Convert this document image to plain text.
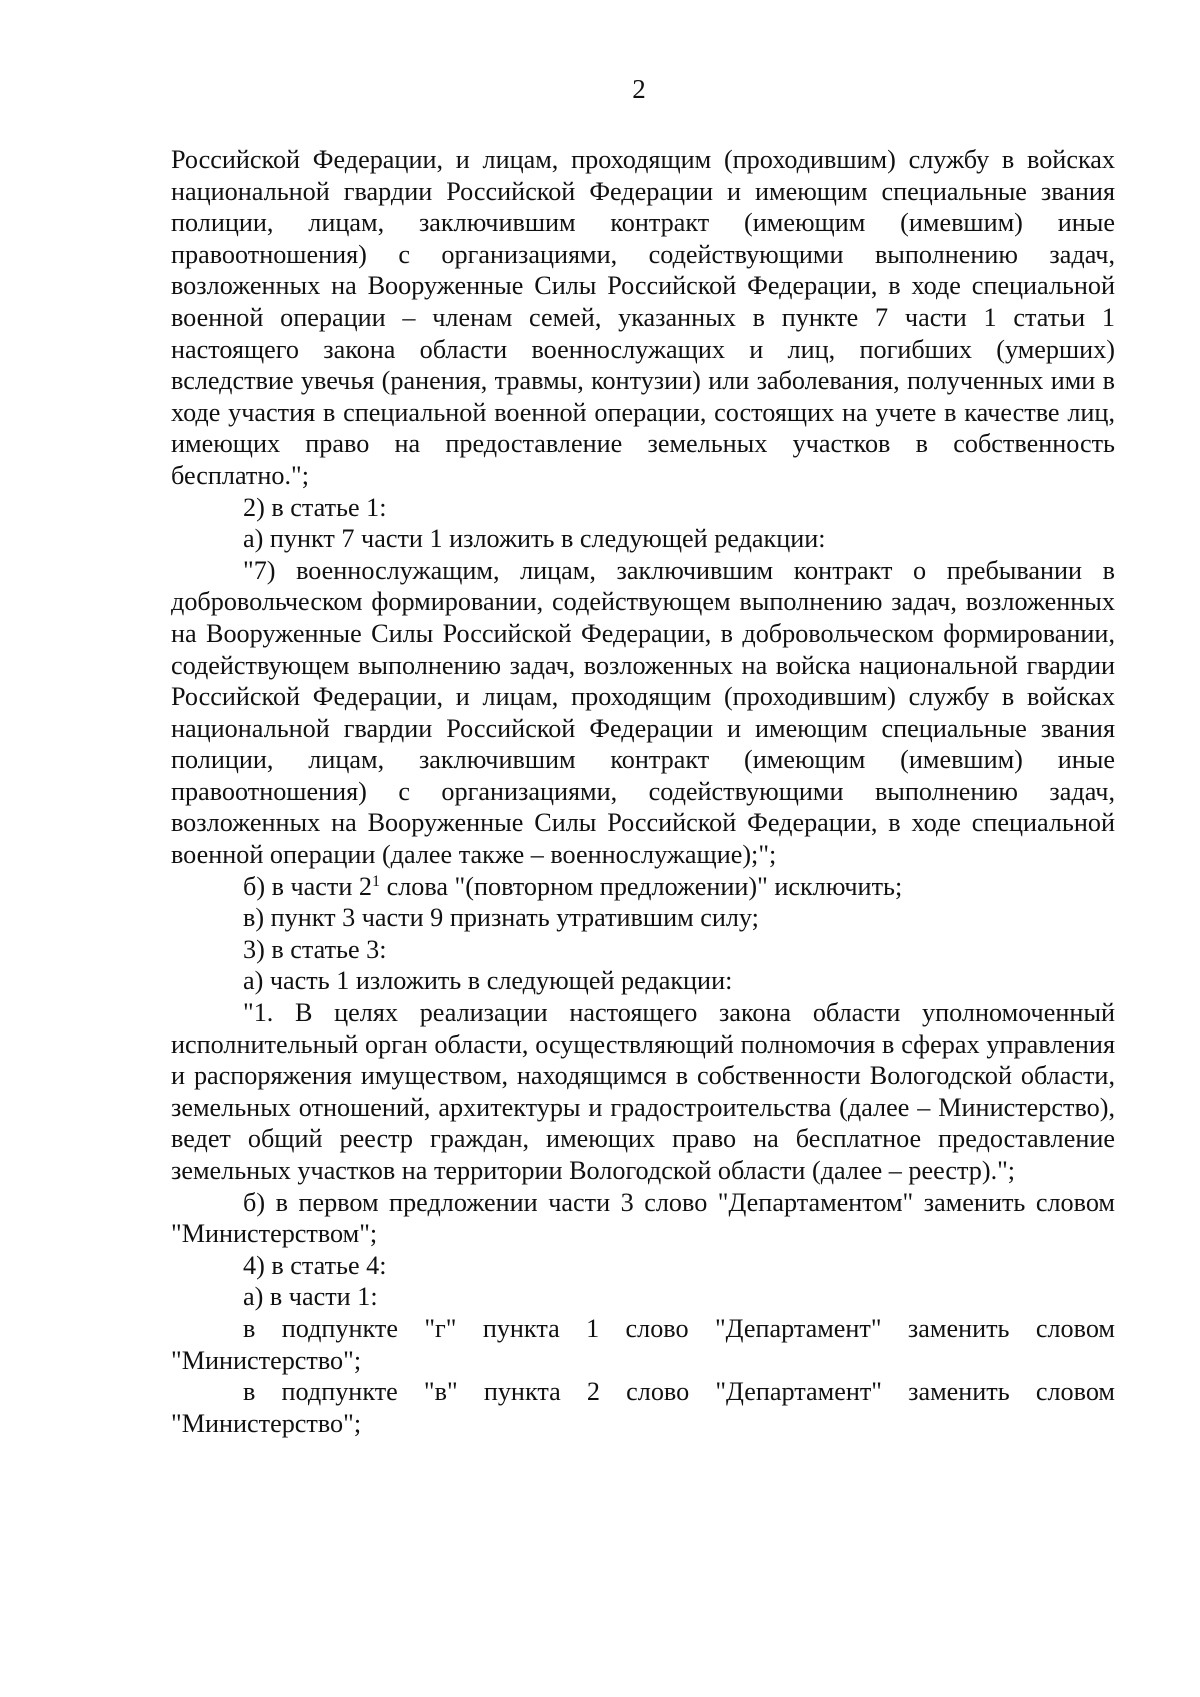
2

Российской Федерации, и лицам, проходящим (проходившим) службу в войсках национальной гвардии Российской Федерации и имеющим специальные звания полиции, лицам, заключившим контракт (имеющим (имевшим) иные правоотношения) с организациями, содействующими выполнению задач, возложенных на Вооруженные Силы Российской Федерации, в ходе специальной военной операции – членам семей, указанных в пункте 7 части 1 статьи 1 настоящего закона области военнослужащих и лиц, погибших (умерших) вследствие увечья (ранения, травмы, контузии) или заболевания, полученных ими в ходе участия в специальной военной операции, состоящих на учете в качестве лиц, имеющих право на предоставление земельных участков в собственность бесплатно.";

2) в статье 1:

а) пункт 7 части 1 изложить в следующей редакции:

"7) военнослужащим, лицам, заключившим контракт о пребывании в добровольческом формировании, содействующем выполнению задач, возложенных на Вооруженные Силы Российской Федерации, в добровольческом формировании, содействующем выполнению задач, возложенных на войска национальной гвардии Российской Федерации, и лицам, проходящим (проходившим) службу в войсках национальной гвардии Российской Федерации и имеющим специальные звания полиции, лицам, заключившим контракт (имеющим (имевшим) иные правоотношения) с организациями, содействующими выполнению задач, возложенных на Вооруженные Силы Российской Федерации, в ходе специальной военной операции (далее также – военнослужащие);";

б) в части $2^1$ слова "(повторном предложении)" исключить;

в) пункт 3 части 9 признать утратившим силу;

3) в статье 3:

а) часть 1 изложить в следующей редакции:

"1. В целях реализации настоящего закона области уполномоченный исполнительный орган области, осуществляющий полномочия в сферах управления и распоряжения имуществом, находящимся в собственности Вологодской области, земельных отношений, архитектуры и градостроительства (далее – Министерство), ведет общий реестр граждан, имеющих право на бесплатное предоставление земельных участков на территории Вологодской области (далее – реестр).";

б) в первом предложении части 3 слово "Департаментом" заменить словом "Министерством";

4) в статье 4:

а) в части 1:

в подпункте "г" пункта 1 слово "Департамент" заменить словом "Министерство";

в подпункте "в" пункта 2 слово "Департамент" заменить словом "Министерство";
